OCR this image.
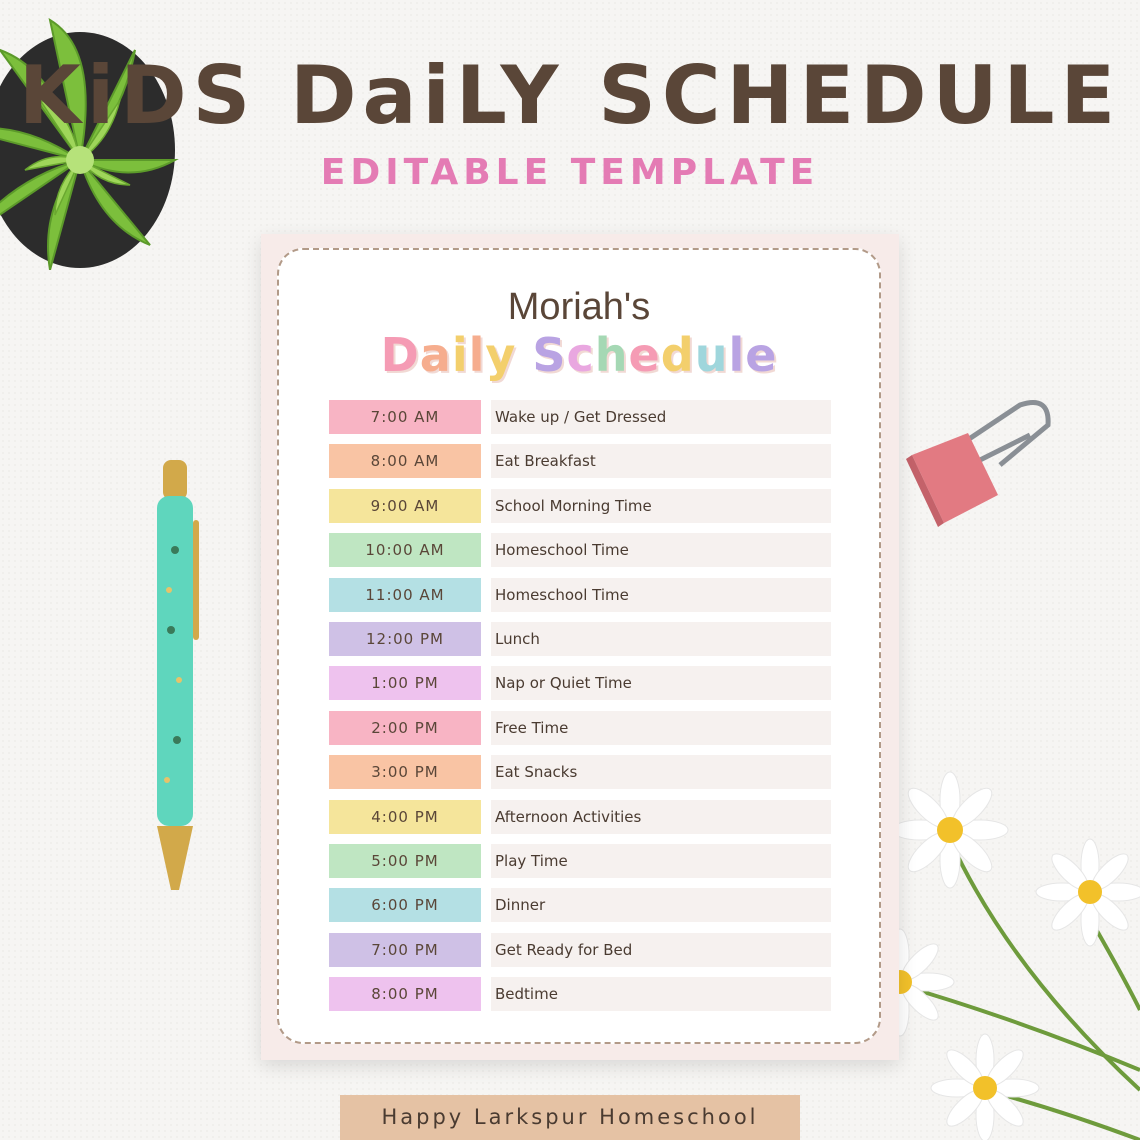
KiDS DaiLY SCHEDULE
EDITABLE TEMPLATE
Moriah's
Daily Schedule
7:00 AM	Wake up / Get Dressed
8:00 AM	Eat Breakfast
9:00 AM	School Morning Time
10:00 AM	Homeschool Time
11:00 AM	Homeschool Time
12:00 PM	Lunch
1:00 PM	Nap or Quiet Time
2:00 PM	Free Time
3:00 PM	Eat Snacks
4:00 PM	Afternoon Activities
5:00 PM	Play Time
6:00 PM	Dinner
7:00 PM	Get Ready for Bed
8:00 PM	Bedtime
Happy Larkspur Homeschool
